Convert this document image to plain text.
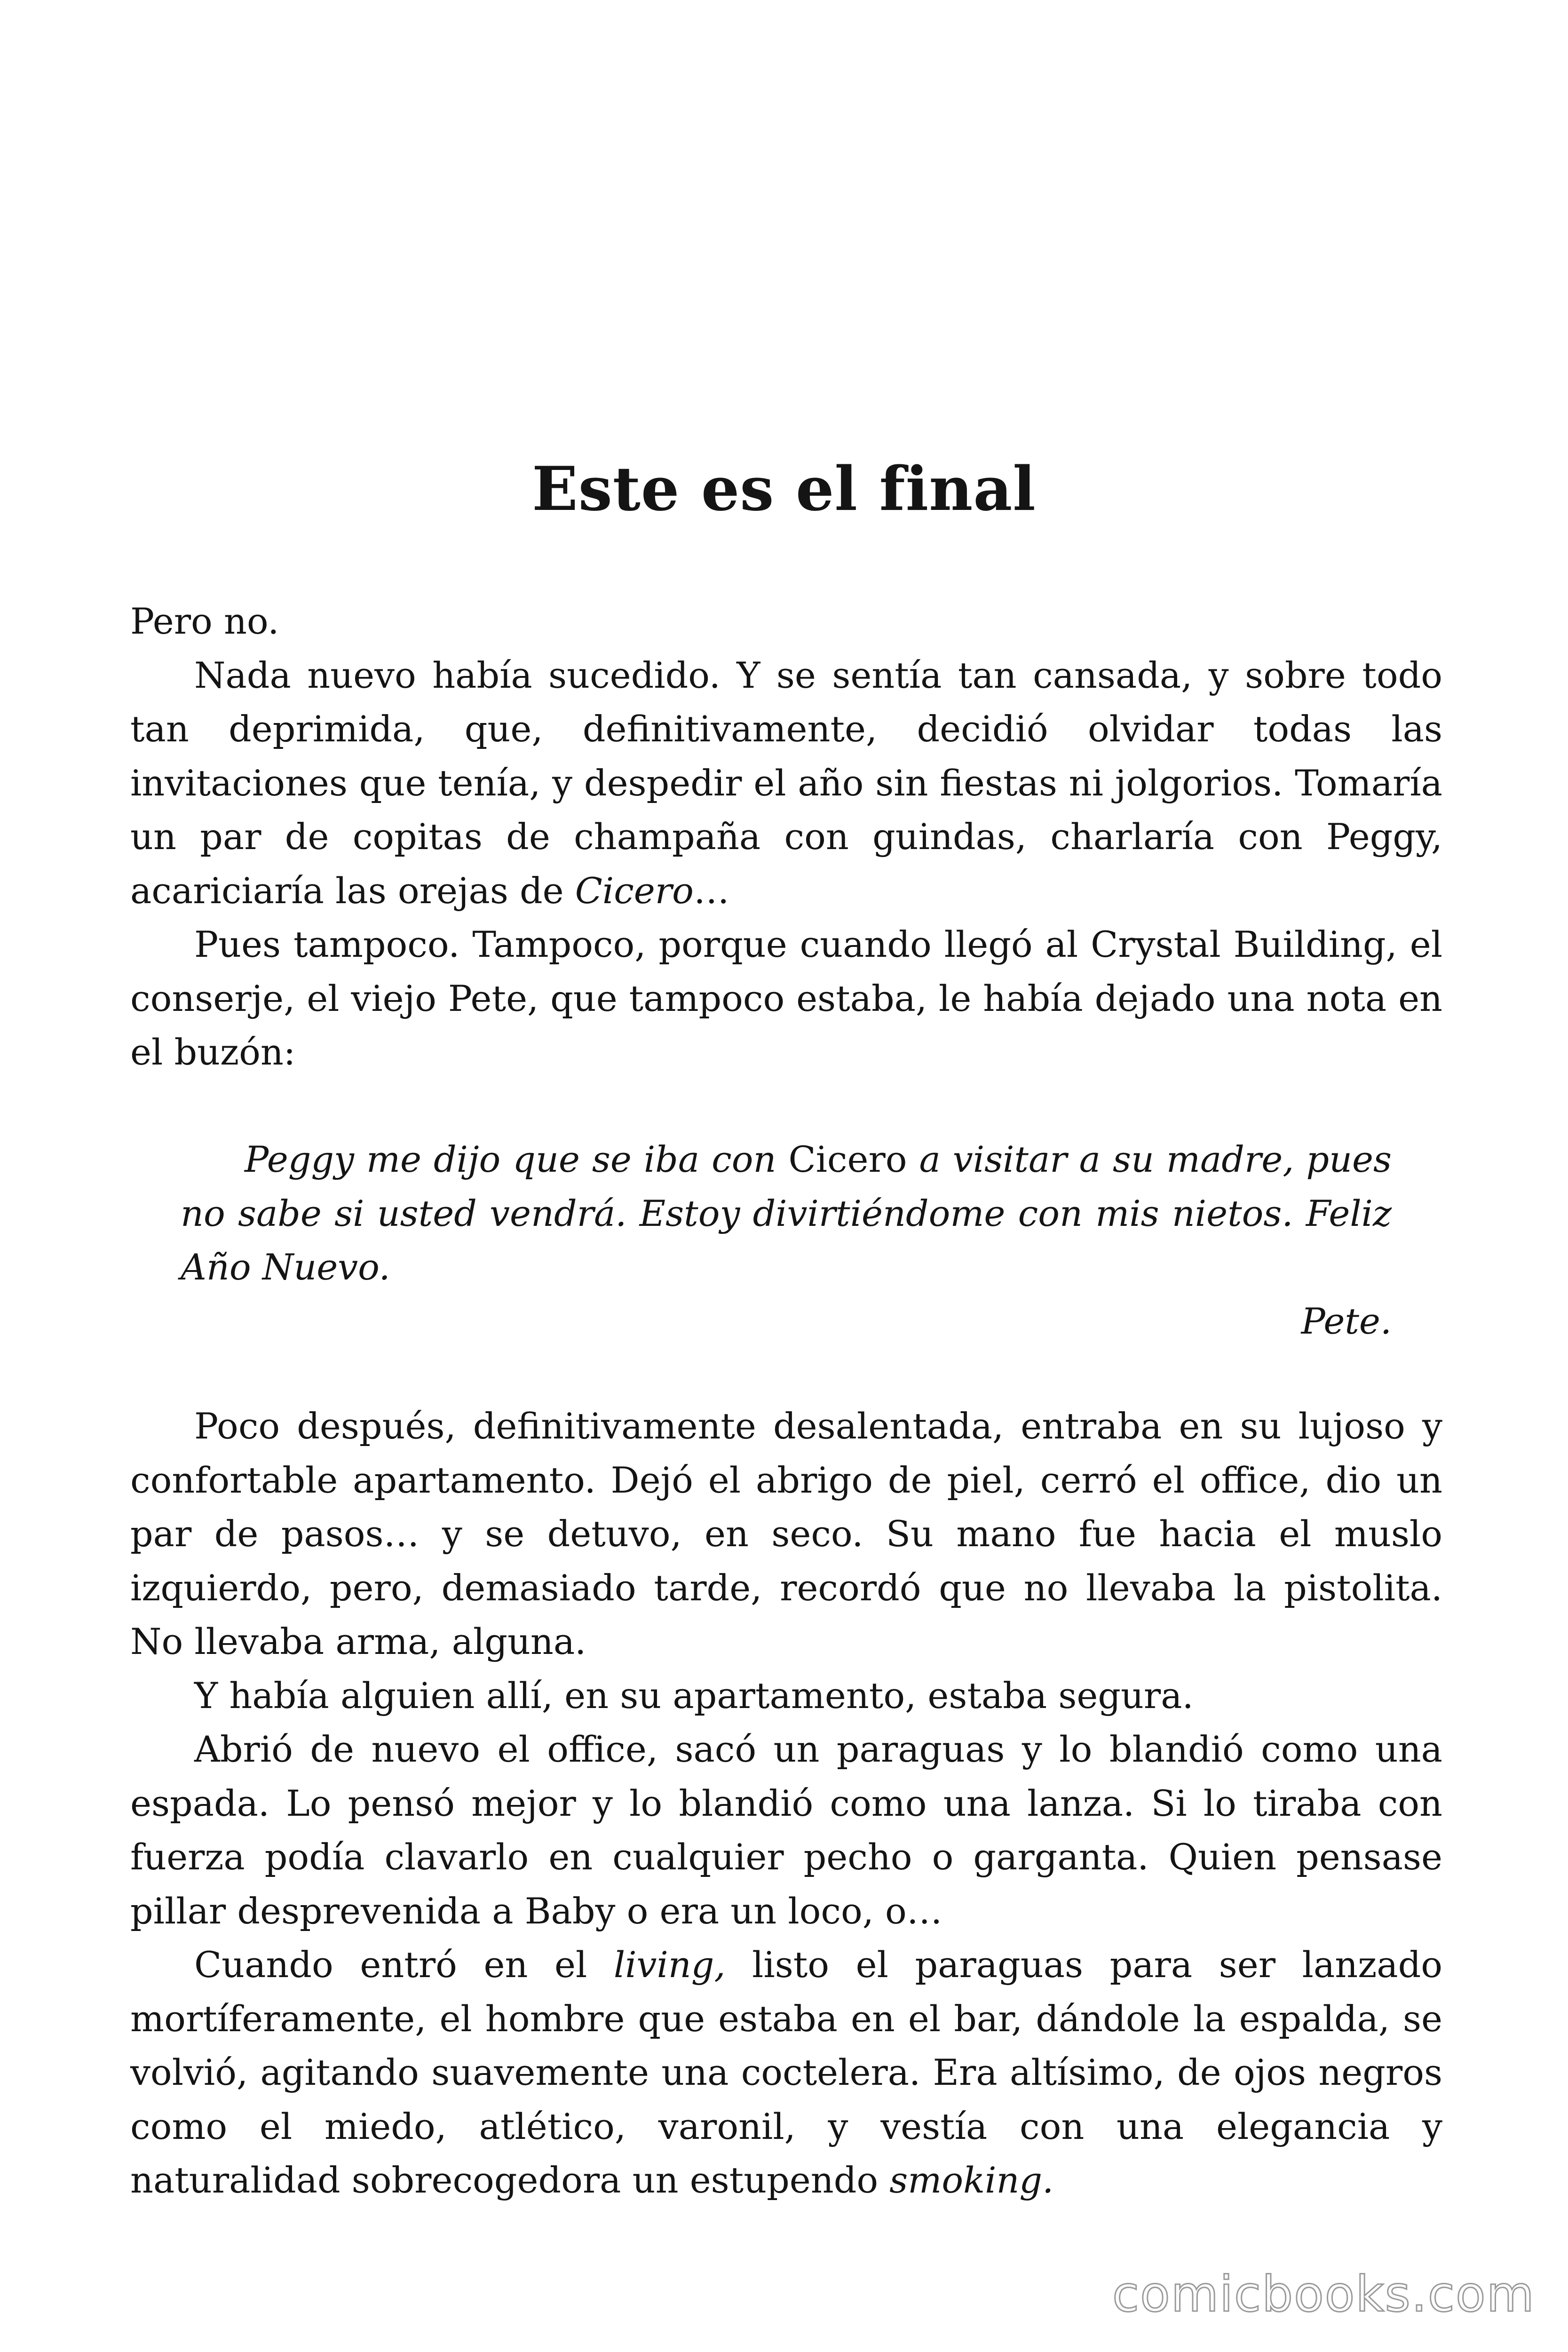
Este es el final

Pero no.

Nada nuevo había sucedido. Y se sentía tan cansada, y sobre todo tan deprimida, que, definitivamente, decidió olvidar todas las invitaciones que tenía, y despedir el año sin fiestas ni jolgorios. Tomaría un par de copitas de champaña con guindas, charlaría con Peggy, acariciaría las orejas de Cicero…

Pues tampoco. Tampoco, porque cuando llegó al Crystal Building, el conserje, el viejo Pete, que tampoco estaba, le había dejado una nota en el buzón:

Peggy me dijo que se iba con Cicero a visitar a su madre, pues no sabe si usted vendrá. Estoy divirtiéndome con mis nietos. Feliz Año Nuevo.

Pete.

Poco después, definitivamente desalentada, entraba en su lujoso y confortable apartamento. Dejó el abrigo de piel, cerró el office, dio un par de pasos… y se detuvo, en seco. Su mano fue hacia el muslo izquierdo, pero, demasiado tarde, recordó que no llevaba la pistolita. No llevaba arma, alguna.

Y había alguien allí, en su apartamento, estaba segura.

Abrió de nuevo el office, sacó un paraguas y lo blandió como una espada. Lo pensó mejor y lo blandió como una lanza. Si lo tiraba con fuerza podía clavarlo en cualquier pecho o garganta. Quien pensase pillar desprevenida a Baby o era un loco, o…

Cuando entró en el living, listo el paraguas para ser lanzado mortíferamente, el hombre que estaba en el bar, dándole la espalda, se volvió, agitando suavemente una coctelera. Era altísimo, de ojos negros como el miedo, atlético, varonil, y vestía con una elegancia y naturalidad sobrecogedora un estupendo smoking.

comicbooks.com
